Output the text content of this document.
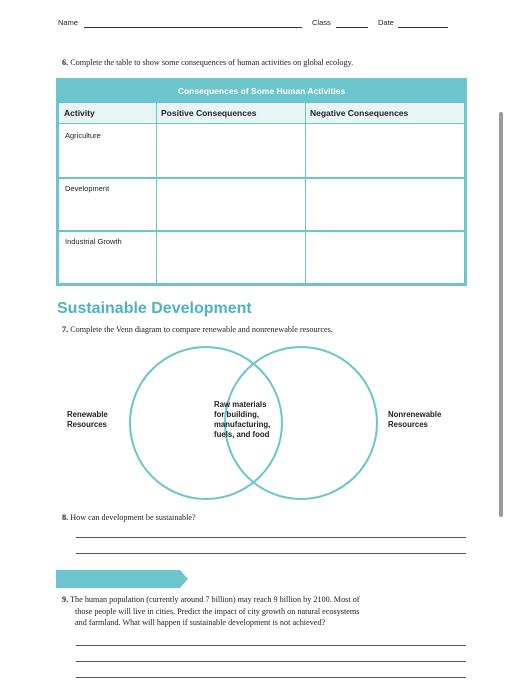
Name	Class	Date
6. Complete the table to show some consequences of human activities on global ecology.
Consequences of Some Human Activities
Activity	Positive Consequences	Negative Consequences
Agriculture
Development
Industrial Growth
Sustainable Development
7. Complete the Venn diagram to compare renewable and nonrenewable resources.
Renewable
Resources
Nonrenewable
Resources
Raw materials
for building,
manufacturing,
fuels, and food
8. How can development be sustainable?
9. The human population (currently around 7 billion) may reach 9 billion by 2100. Most of
those people will live in cities. Predict the impact of city growth on natural ecosystems
and farmland. What will happen if sustainable development is not achieved?
